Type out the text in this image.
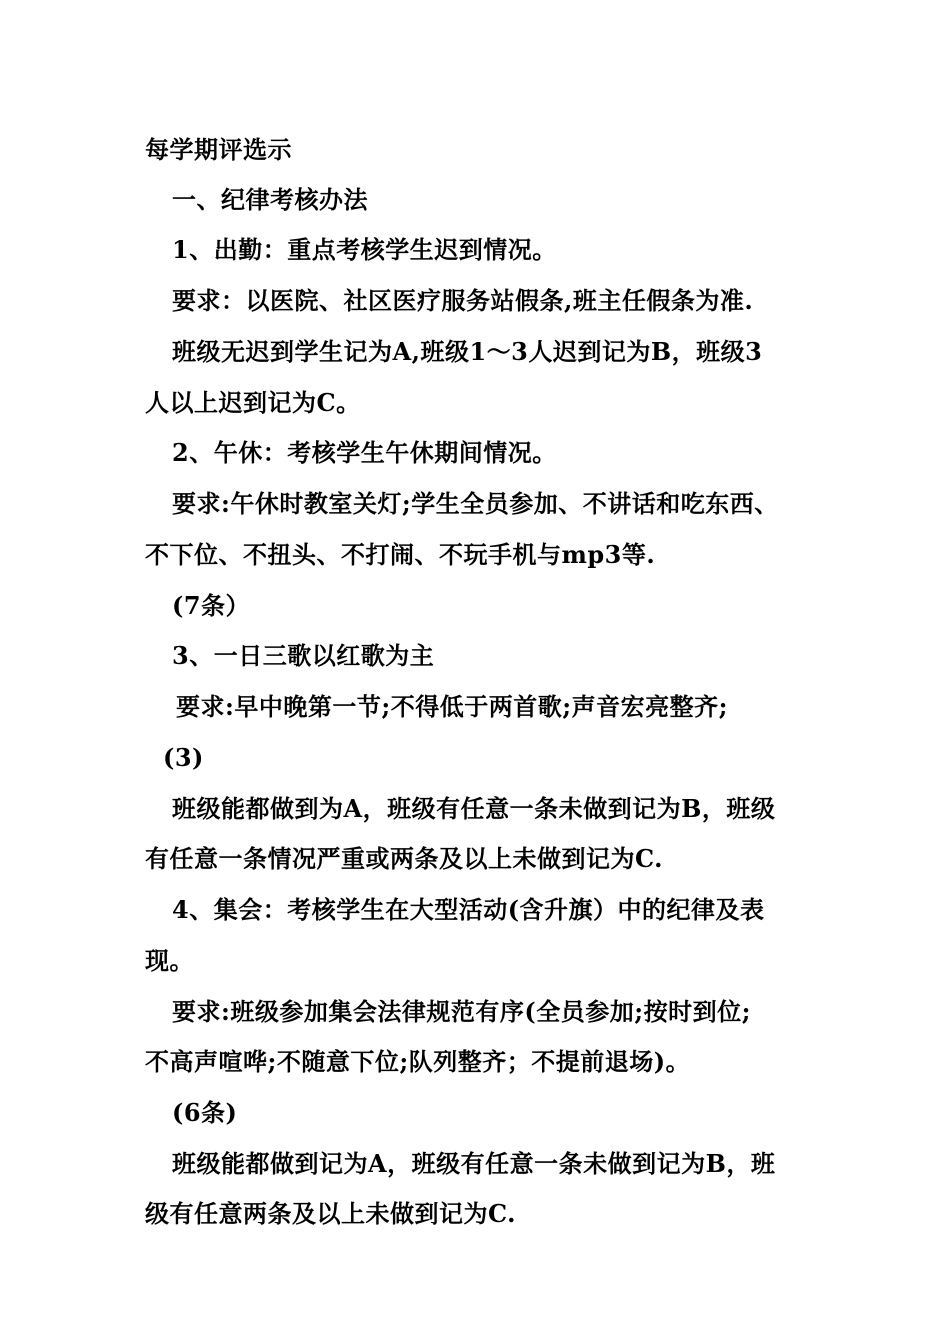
每学期评选示
一、纪律考核办法
1、出勤：重点考核学生迟到情况。
要求：以医院、社区医疗服务站假条,班主任假条为准.
班级无迟到学生记为A,班级1～3人迟到记为B，班级3
人以上迟到记为C。
2、午休：考核学生午休期间情况。
要求:午休时教室关灯;学生全员参加、不讲话和吃东西、
不下位、不扭头、不打闹、不玩手机与mp3等.
(7条）
3、一日三歌以红歌为主
要求:早中晚第一节;不得低于两首歌;声音宏亮整齐;
(3)
班级能都做到为A，班级有任意一条未做到记为B，班级
有任意一条情况严重或两条及以上未做到记为C.
4、集会：考核学生在大型活动(含升旗）中的纪律及表
现。
要求:班级参加集会法律规范有序(全员参加;按时到位;
不高声喧哗;不随意下位;队列整齐；不提前退场)。
(6条)
班级能都做到记为A，班级有任意一条未做到记为B，班
级有任意两条及以上未做到记为C.
